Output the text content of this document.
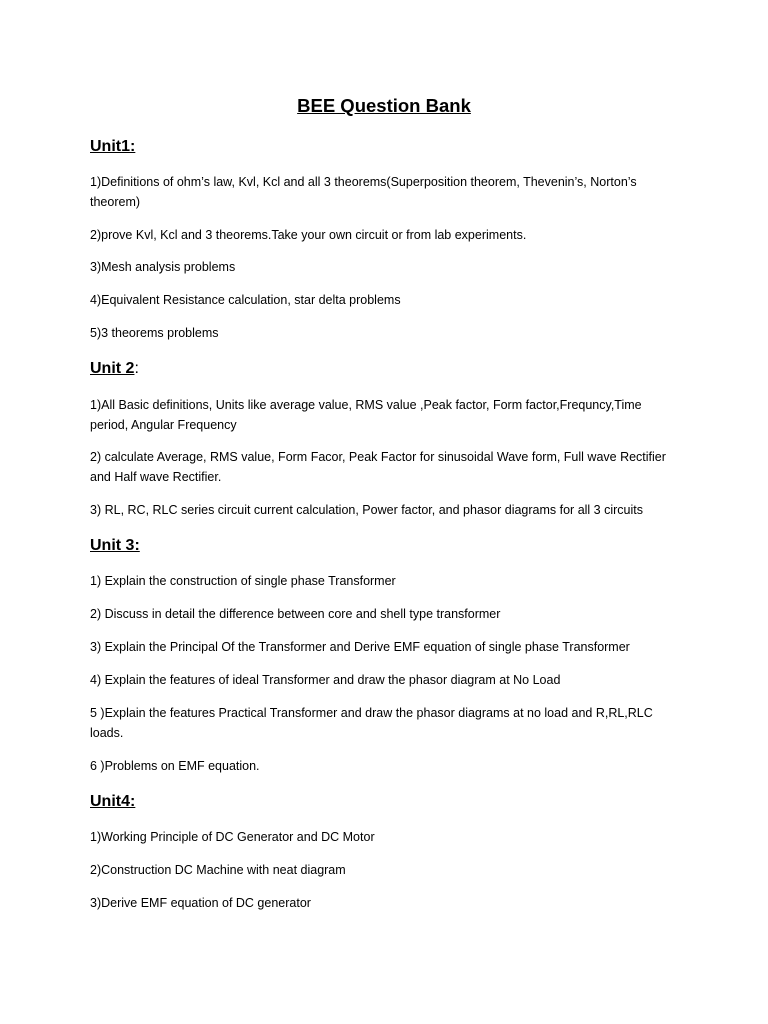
BEE Question Bank
Unit1:
1)Definitions of ohm’s law, Kvl, Kcl and all 3 theorems(Superposition theorem, Thevenin’s, Norton’s theorem)
2)prove Kvl, Kcl and 3 theorems.Take your own circuit or from lab experiments.
3)Mesh analysis problems
4)Equivalent Resistance calculation, star delta problems
5)3 theorems problems
Unit 2:
1)All Basic definitions, Units like average value, RMS value ,Peak factor, Form factor,Frequncy,Time period, Angular Frequency
2) calculate Average, RMS value, Form Facor, Peak Factor for sinusoidal Wave form, Full wave Rectifier and Half wave Rectifier.
3) RL, RC, RLC series circuit current calculation, Power factor, and phasor diagrams for all 3 circuits
Unit 3:
1) Explain the construction of single phase Transformer
2) Discuss in detail the difference between core and shell type transformer
3) Explain the Principal Of the Transformer and Derive EMF equation of single phase Transformer
4) Explain the features of ideal Transformer and draw the phasor diagram at No Load
5 )Explain the features Practical Transformer and draw the phasor diagrams at no load and R,RL,RLC loads.
6 )Problems on EMF equation.
Unit4:
1)Working Principle of DC Generator and DC Motor
2)Construction DC Machine with neat diagram
3)Derive EMF equation of DC generator
